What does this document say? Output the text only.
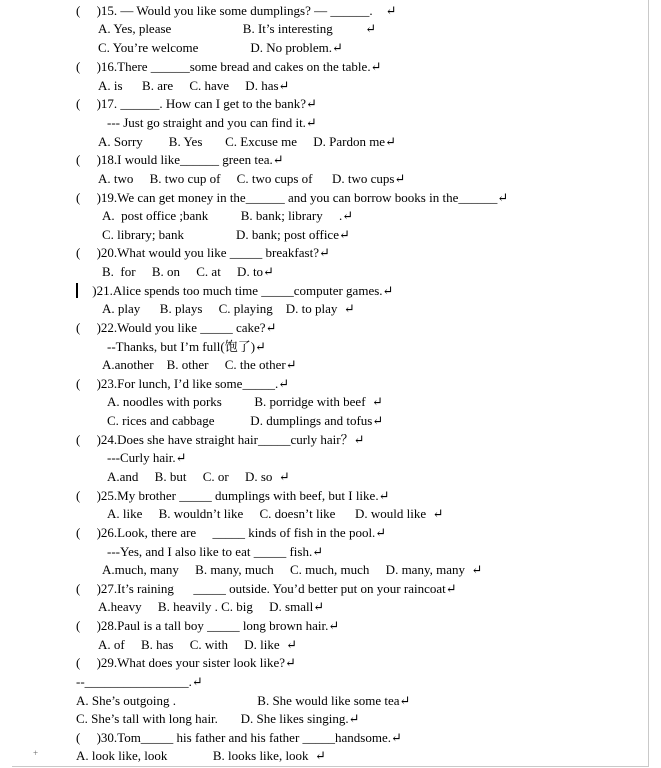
(     )15. — Would you like some dumplings? — ______.    ↵
A. Yes, please                      B. It’s interesting          ↵
C. You’re welcome                D. No problem.↵
(     )16.There ______some bread and cakes on the table.↵
A. is      B. are     C. have     D. has↵
(     )17. ______. How can I get to the bank?↵
--- Just go straight and you can find it.↵
A. Sorry        B. Yes       C. Excuse me     D. Pardon me↵
(     )18.I would like______ green tea.↵
A. two     B. two cup of     C. two cups of      D. two cups↵
(     )19.We can get money in the______ and you can borrow books in the______↵
A.  post office ;bank          B. bank; library     .↵
C. library; bank                D. bank; post office↵
(     )20.What would you like _____ breakfast?↵
B.  for     B. on     C. at     D. to↵
)21.Alice spends too much time _____computer games.↵
A. play      B. plays     C. playing    D. to play  ↵
(     )22.Would you like _____ cake?↵
--Thanks, but I’m full(饱了)↵
A.another    B. other     C. the other↵
(     )23.For lunch, I’d like some_____.↵
A. noodles with porks          B. porridge with beef  ↵
C. rices and cabbage           D. dumplings and tofus↵
(     )24.Does she have straight hair_____curly hair？↵
---Curly hair.↵
A.and     B. but     C. or     D. so  ↵
(     )25.My brother _____ dumplings with beef, but I like.↵
A. like     B. wouldn’t like     C. doesn’t like      D. would like  ↵
(     )26.Look, there are     _____ kinds of fish in the pool.↵
---Yes, and I also like to eat _____ fish.↵
A.much, many     B. many, much     C. much, much     D. many, many  ↵
(     )27.It’s raining      _____ outside. You’d better put on your raincoat↵
A.heavy     B. heavily . C. big     D. small↵
(     )28.Paul is a tall boy _____ long brown hair.↵
A. of     B. has     C. with     D. like  ↵
(     )29.What does your sister look like?↵
--________________.↵
A. She’s outgoing .                         B. She would like some tea↵
C. She’s tall with long hair.       D. She likes singing.↵
(     )30.Tom_____ his father and his father _____handsome.↵
A. look like, look              B. looks like, look  ↵
+
